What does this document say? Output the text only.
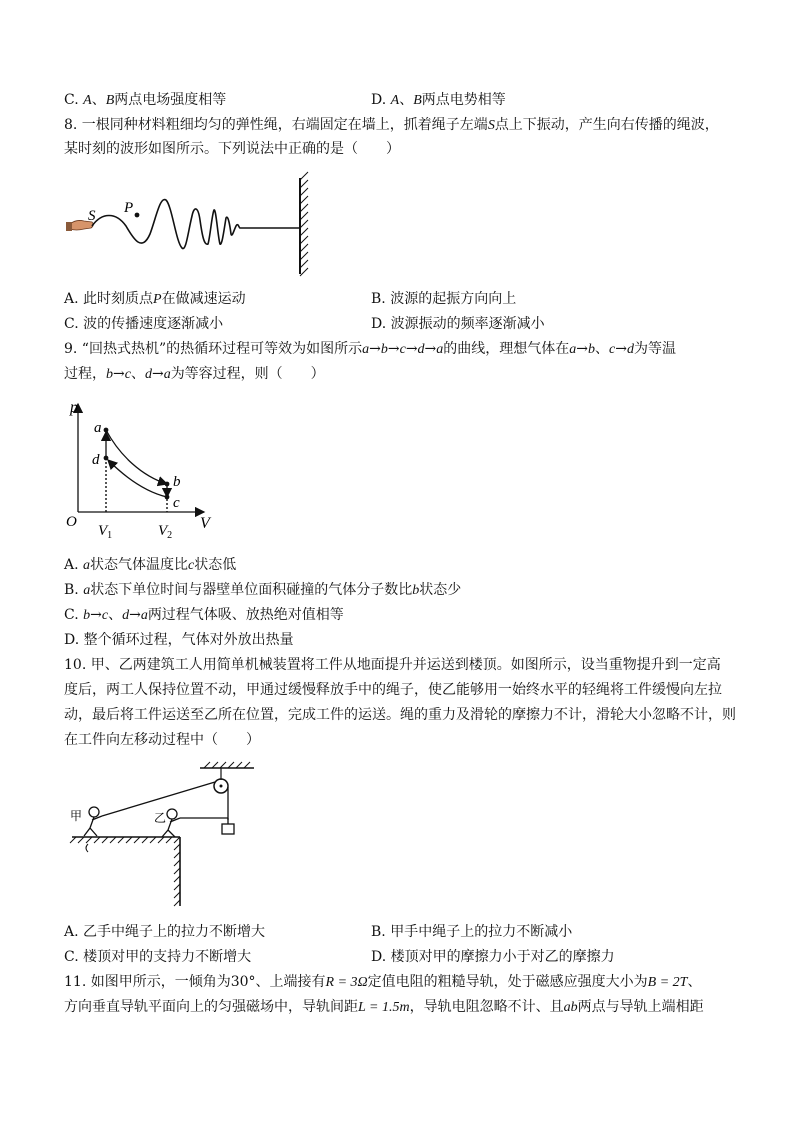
C. A、B两点电场强度相等	D. A、B两点电势相等
8. 一根同种材料粗细均匀的弹性绳，右端固定在墙上，抓着绳子左端S点上下振动，产生向右传播的绳波，
某时刻的波形如图所示。下列说法中正确的是（　　）
S P
A. 此时刻质点P在做减速运动	B. 波源的起振方向向上
C. 波的传播速度逐渐减小	D. 波源振动的频率逐渐减小
9. “回热式热机”的热循环过程可等效为如图所示a→b→c→d→a的曲线，理想气体在a→b、c→d为等温
过程，b→c、d→a为等容过程，则（　　）
p
V
O
a
d
b
c
$V_1$	$V_2$
A. a状态气体温度比c状态低
B. a状态下单位时间与器壁单位面积碰撞的气体分子数比b状态少
C. b→c、d→a两过程气体吸、放热绝对值相等
D. 整个循环过程，气体对外放出热量
10. 甲、乙两建筑工人用简单机械装置将工件从地面提升并运送到楼顶。如图所示，设当重物提升到一定高
度后，两工人保持位置不动，甲通过缓慢释放手中的绳子，使乙能够用一始终水平的轻绳将工件缓慢向左拉
动，最后将工件运送至乙所在位置，完成工件的运送。绳的重力及滑轮的摩擦力不计，滑轮大小忽略不计，则
在工件向左移动过程中（　　）
甲	乙
A. 乙手中绳子上的拉力不断增大	B. 甲手中绳子上的拉力不断减小
C. 楼顶对甲的支持力不断增大	D. 楼顶对甲的摩擦力小于对乙的摩擦力
11. 如图甲所示，一倾角为30°、上端接有R = 3Ω定值电阻的粗糙导轨，处于磁感应强度大小为B = 2T、
方向垂直导轨平面向上的匀强磁场中，导轨间距L = 1.5m，导轨电阻忽略不计、且ab两点与导轨上端相距
